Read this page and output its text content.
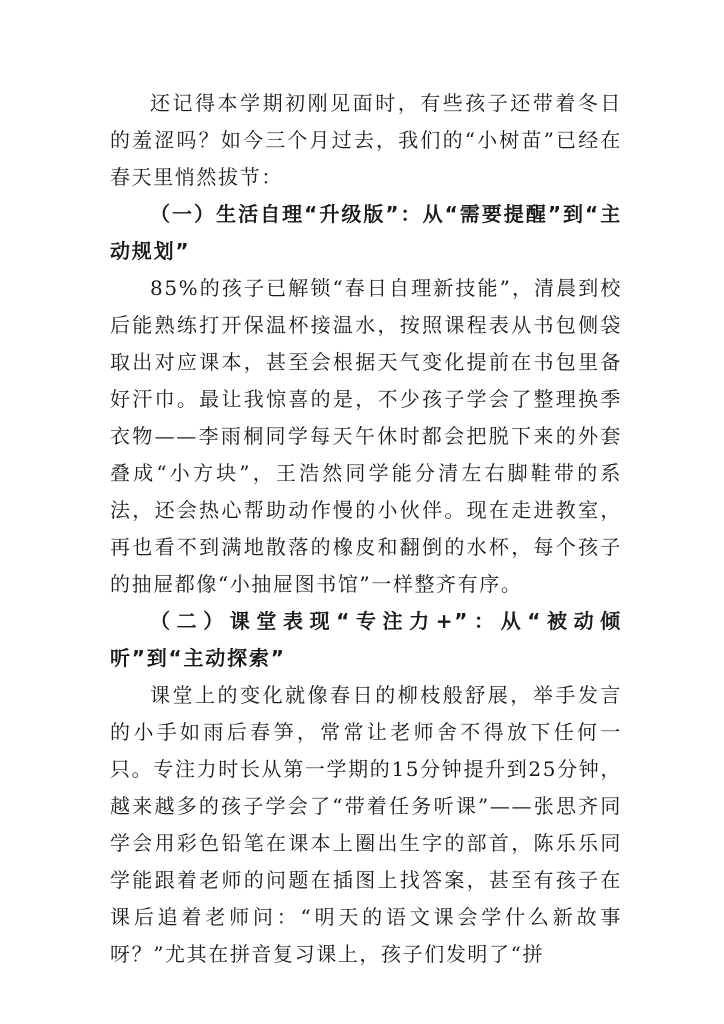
还记得本学期初刚见面时，有些孩子还带着冬日的羞涩吗？如今三个月过去，我们的“小树苗”已经在春天里悄然拔节：

（一）生活自理“升级版”：从“需要提醒”到“主动规划”

85%的孩子已解锁“春日自理新技能”，清晨到校后能熟练打开保温杯接温水，按照课程表从书包侧袋取出对应课本，甚至会根据天气变化提前在书包里备好汗巾。最让我惊喜的是，不少孩子学会了整理换季衣物——李雨桐同学每天午休时都会把脱下来的外套叠成“小方块”，王浩然同学能分清左右脚鞋带的系法，还会热心帮助动作慢的小伙伴。现在走进教室，再也看不到满地散落的橡皮和翻倒的水杯，每个孩子的抽屉都像“小抽屉图书馆”一样整齐有序。

（二）课堂表现“专注力+”：从“被动倾听”到“主动探索”

课堂上的变化就像春日的柳枝般舒展，举手发言的小手如雨后春笋，常常让老师舍不得放下任何一只。专注力时长从第一学期的15分钟提升到25分钟，越来越多的孩子学会了“带着任务听课”——张思齐同学会用彩色铅笔在课本上圈出生字的部首，陈乐乐同学能跟着老师的问题在插图上找答案，甚至有孩子在课后追着老师问：“明天的语文课会学什么新故事呀？”尤其在拼音复习课上，孩子们发明了“拼
